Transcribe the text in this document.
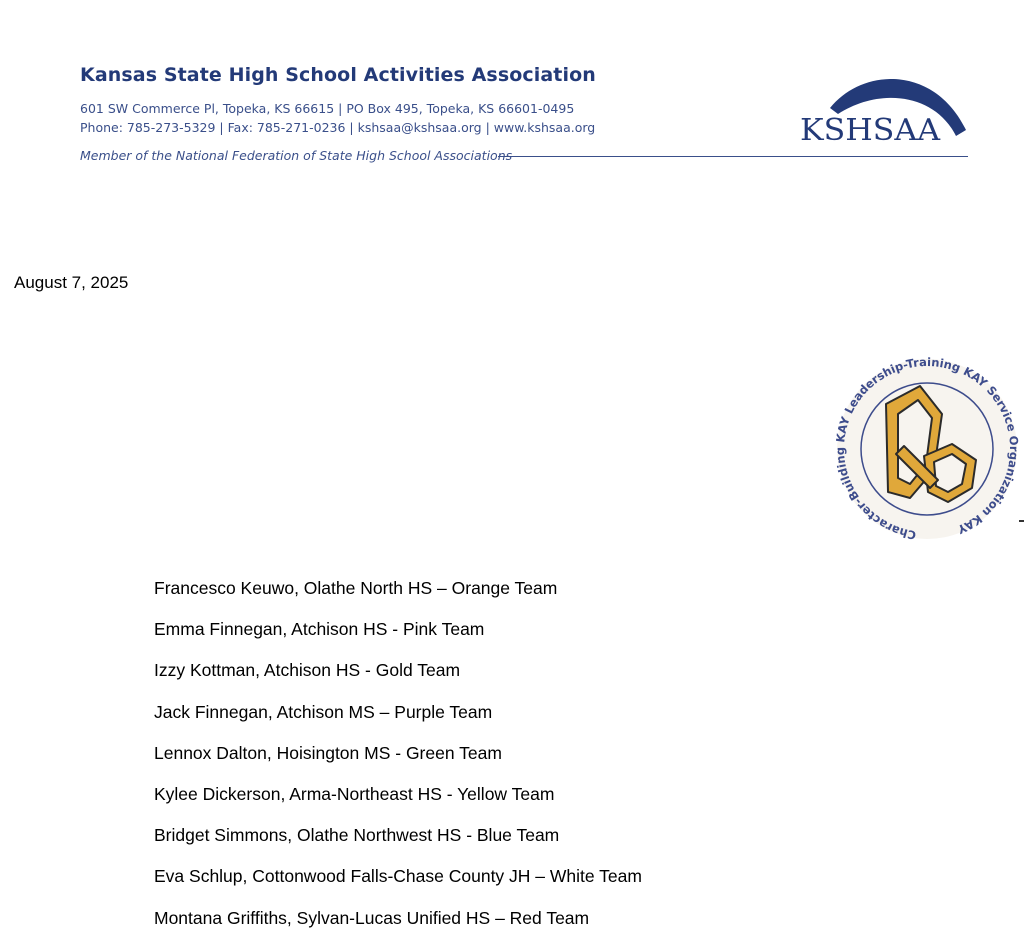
Kansas State High School Activities Association
601 SW Commerce Pl, Topeka, KS 66615 | PO Box 495, Topeka, KS 66601-0495
Phone: 785-273-5329 | Fax: 785-271-0236 | kshsaa@kshsaa.org | www.kshsaa.org
Member of the National Federation of State High School Associations
KSHSAA
August 7, 2025
Character-Building KAY Leadership-Training KAY Service Organization KAY
Francesco Keuwo, Olathe North HS – Orange Team
Emma Finnegan, Atchison HS - Pink Team
Izzy Kottman, Atchison HS - Gold Team
Jack Finnegan, Atchison MS – Purple Team
Lennox Dalton, Hoisington MS - Green Team
Kylee Dickerson, Arma-Northeast HS - Yellow Team
Bridget Simmons, Olathe Northwest HS - Blue Team
Eva Schlup, Cottonwood Falls-Chase County JH – White Team
Montana Griffiths, Sylvan-Lucas Unified HS – Red Team
